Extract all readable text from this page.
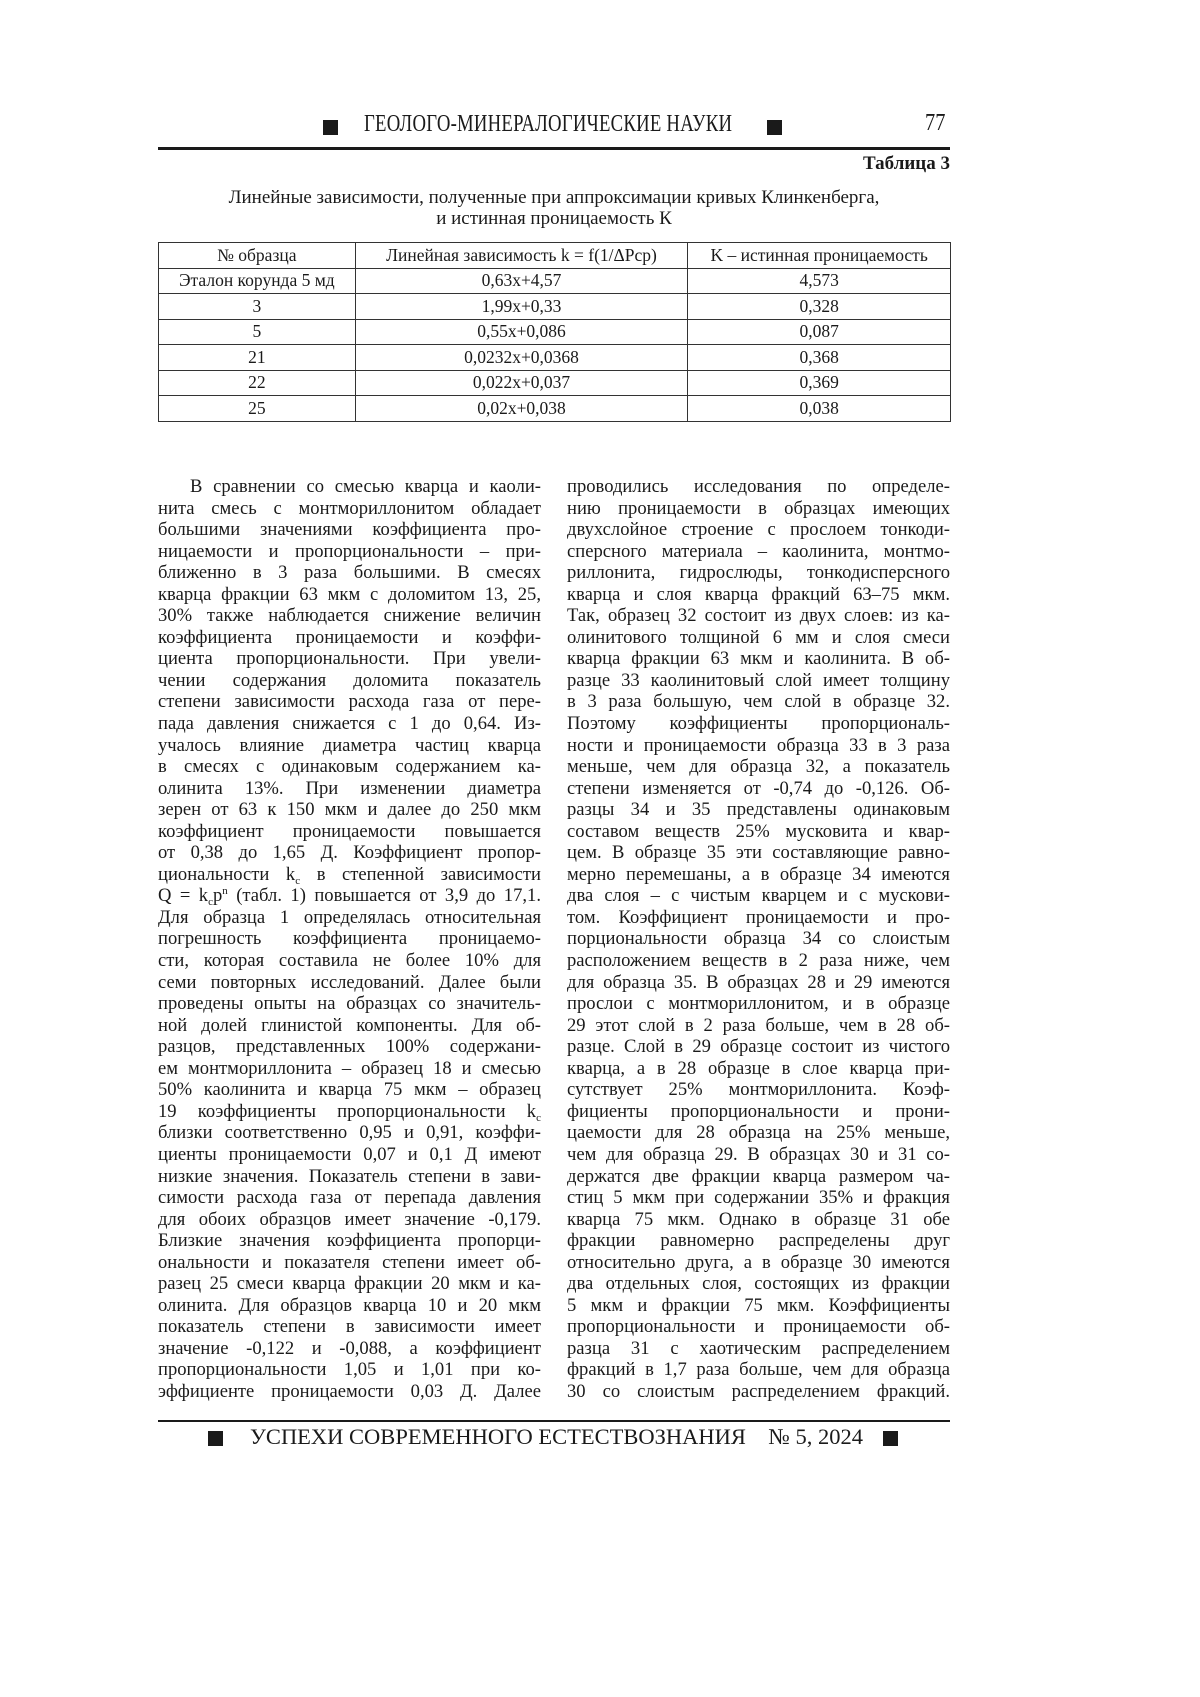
ГЕОЛОГО-МИНЕРАЛОГИЧЕСКИЕ НАУКИ	77
Таблица 3
Линейные зависимости, полученные при аппроксимации кривых Клинкенберга,
и истинная проницаемость К
№ образца	Линейная зависимость k = f(1/ΔPср)	K – истинная проницаемость
Эталон корунда 5 мд	0,63x+4,57	4,573
3	1,99x+0,33	0,328
5	0,55x+0,086	0,087
21	0,0232x+0,0368	0,368
22	0,022x+0,037	0,369
25	0,02x+0,038	0,038
В сравнении со смесью кварца и каоли-
нита смесь с монтмориллонитом обладает
большими значениями коэффициента про-
ницаемости и пропорциональности – при-
ближенно в 3 раза большими. В смесях
кварца фракции 63 мкм с доломитом 13, 25,
30% также наблюдается снижение величин
коэффициента проницаемости и коэффи-
циента пропорциональности. При увели-
чении содержания доломита показатель
степени зависимости расхода газа от пере-
пада давления снижается с 1 до 0,64. Из-
учалось влияние диаметра частиц кварца
в смесях с одинаковым содержанием ка-
олинита 13%. При изменении диаметра
зерен от 63 к 150 мкм и далее до 250 мкм
коэффициент проницаемости повышается
от 0,38 до 1,65 Д. Коэффициент пропор-
циональности kc в степенной зависимости
Q = kcpn (табл. 1) повышается от 3,9 до 17,1.
Для образца 1 определялась относительная
погрешность коэффициента проницаемо-
сти, которая составила не более 10% для
семи повторных исследований. Далее были
проведены опыты на образцах со значитель-
ной долей глинистой компоненты. Для об-
разцов, представленных 100% содержани-
ем монтмориллонита – образец 18 и смесью
50% каолинита и кварца 75 мкм – образец
19 коэффициенты пропорциональности kc
близки соответственно 0,95 и 0,91, коэффи-
циенты проницаемости 0,07 и 0,1 Д имеют
низкие значения. Показатель степени в зави-
симости расхода газа от перепада давления
для обоих образцов имеет значение -0,179.
Близкие значения коэффициента пропорци-
ональности и показателя степени имеет об-
разец 25 смеси кварца фракции 20 мкм и ка-
олинита. Для образцов кварца 10 и 20 мкм
показатель степени в зависимости имеет
значение -0,122 и -0,088, а коэффициент
пропорциональности 1,05 и 1,01 при ко-
эффициенте проницаемости 0,03 Д. Далее
проводились исследования по определе-
нию проницаемости в образцах имеющих
двухслойное строение с прослоем тонкоди-
сперсного материала – каолинита, монтмо-
риллонита, гидрослюды, тонкодисперсного
кварца и слоя кварца фракций 63–75 мкм.
Так, образец 32 состоит из двух слоев: из ка-
олинитового толщиной 6 мм и слоя смеси
кварца фракции 63 мкм и каолинита. В об-
разце 33 каолинитовый слой имеет толщину
в 3 раза большую, чем слой в образце 32.
Поэтому коэффициенты пропорциональ-
ности и проницаемости образца 33 в 3 раза
меньше, чем для образца 32, а показатель
степени изменяется от -0,74 до -0,126. Об-
разцы 34 и 35 представлены одинаковым
составом веществ 25% мусковита и квар-
цем. В образце 35 эти составляющие равно-
мерно перемешаны, а в образце 34 имеются
два слоя – с чистым кварцем и с мускови-
том. Коэффициент проницаемости и про-
порциональности образца 34 со слоистым
расположением веществ в 2 раза ниже, чем
для образца 35. В образцах 28 и 29 имеются
прослои с монтмориллонитом, и в образце
29 этот слой в 2 раза больше, чем в 28 об-
разце. Слой в 29 образце состоит из чистого
кварца, а в 28 образце в слое кварца при-
сутствует 25% монтмориллонита. Коэф-
фициенты пропорциональности и прони-
цаемости для 28 образца на 25% меньше,
чем для образца 29. В образцах 30 и 31 со-
держатся две фракции кварца размером ча-
стиц 5 мкм при содержании 35% и фракция
кварца 75 мкм. Однако в образце 31 обе
фракции равномерно распределены друг
относительно друга, а в образце 30 имеются
два отдельных слоя, состоящих из фракции
5 мкм и фракции 75 мкм. Коэффициенты
пропорциональности и проницаемости об-
разца 31 с хаотическим распределением
фракций в 1,7 раза больше, чем для образца
30 со слоистым распределением фракций.
УСПЕХИ СОВРЕМЕННОГО ЕСТЕСТВОЗНАНИЯ № 5, 2024
